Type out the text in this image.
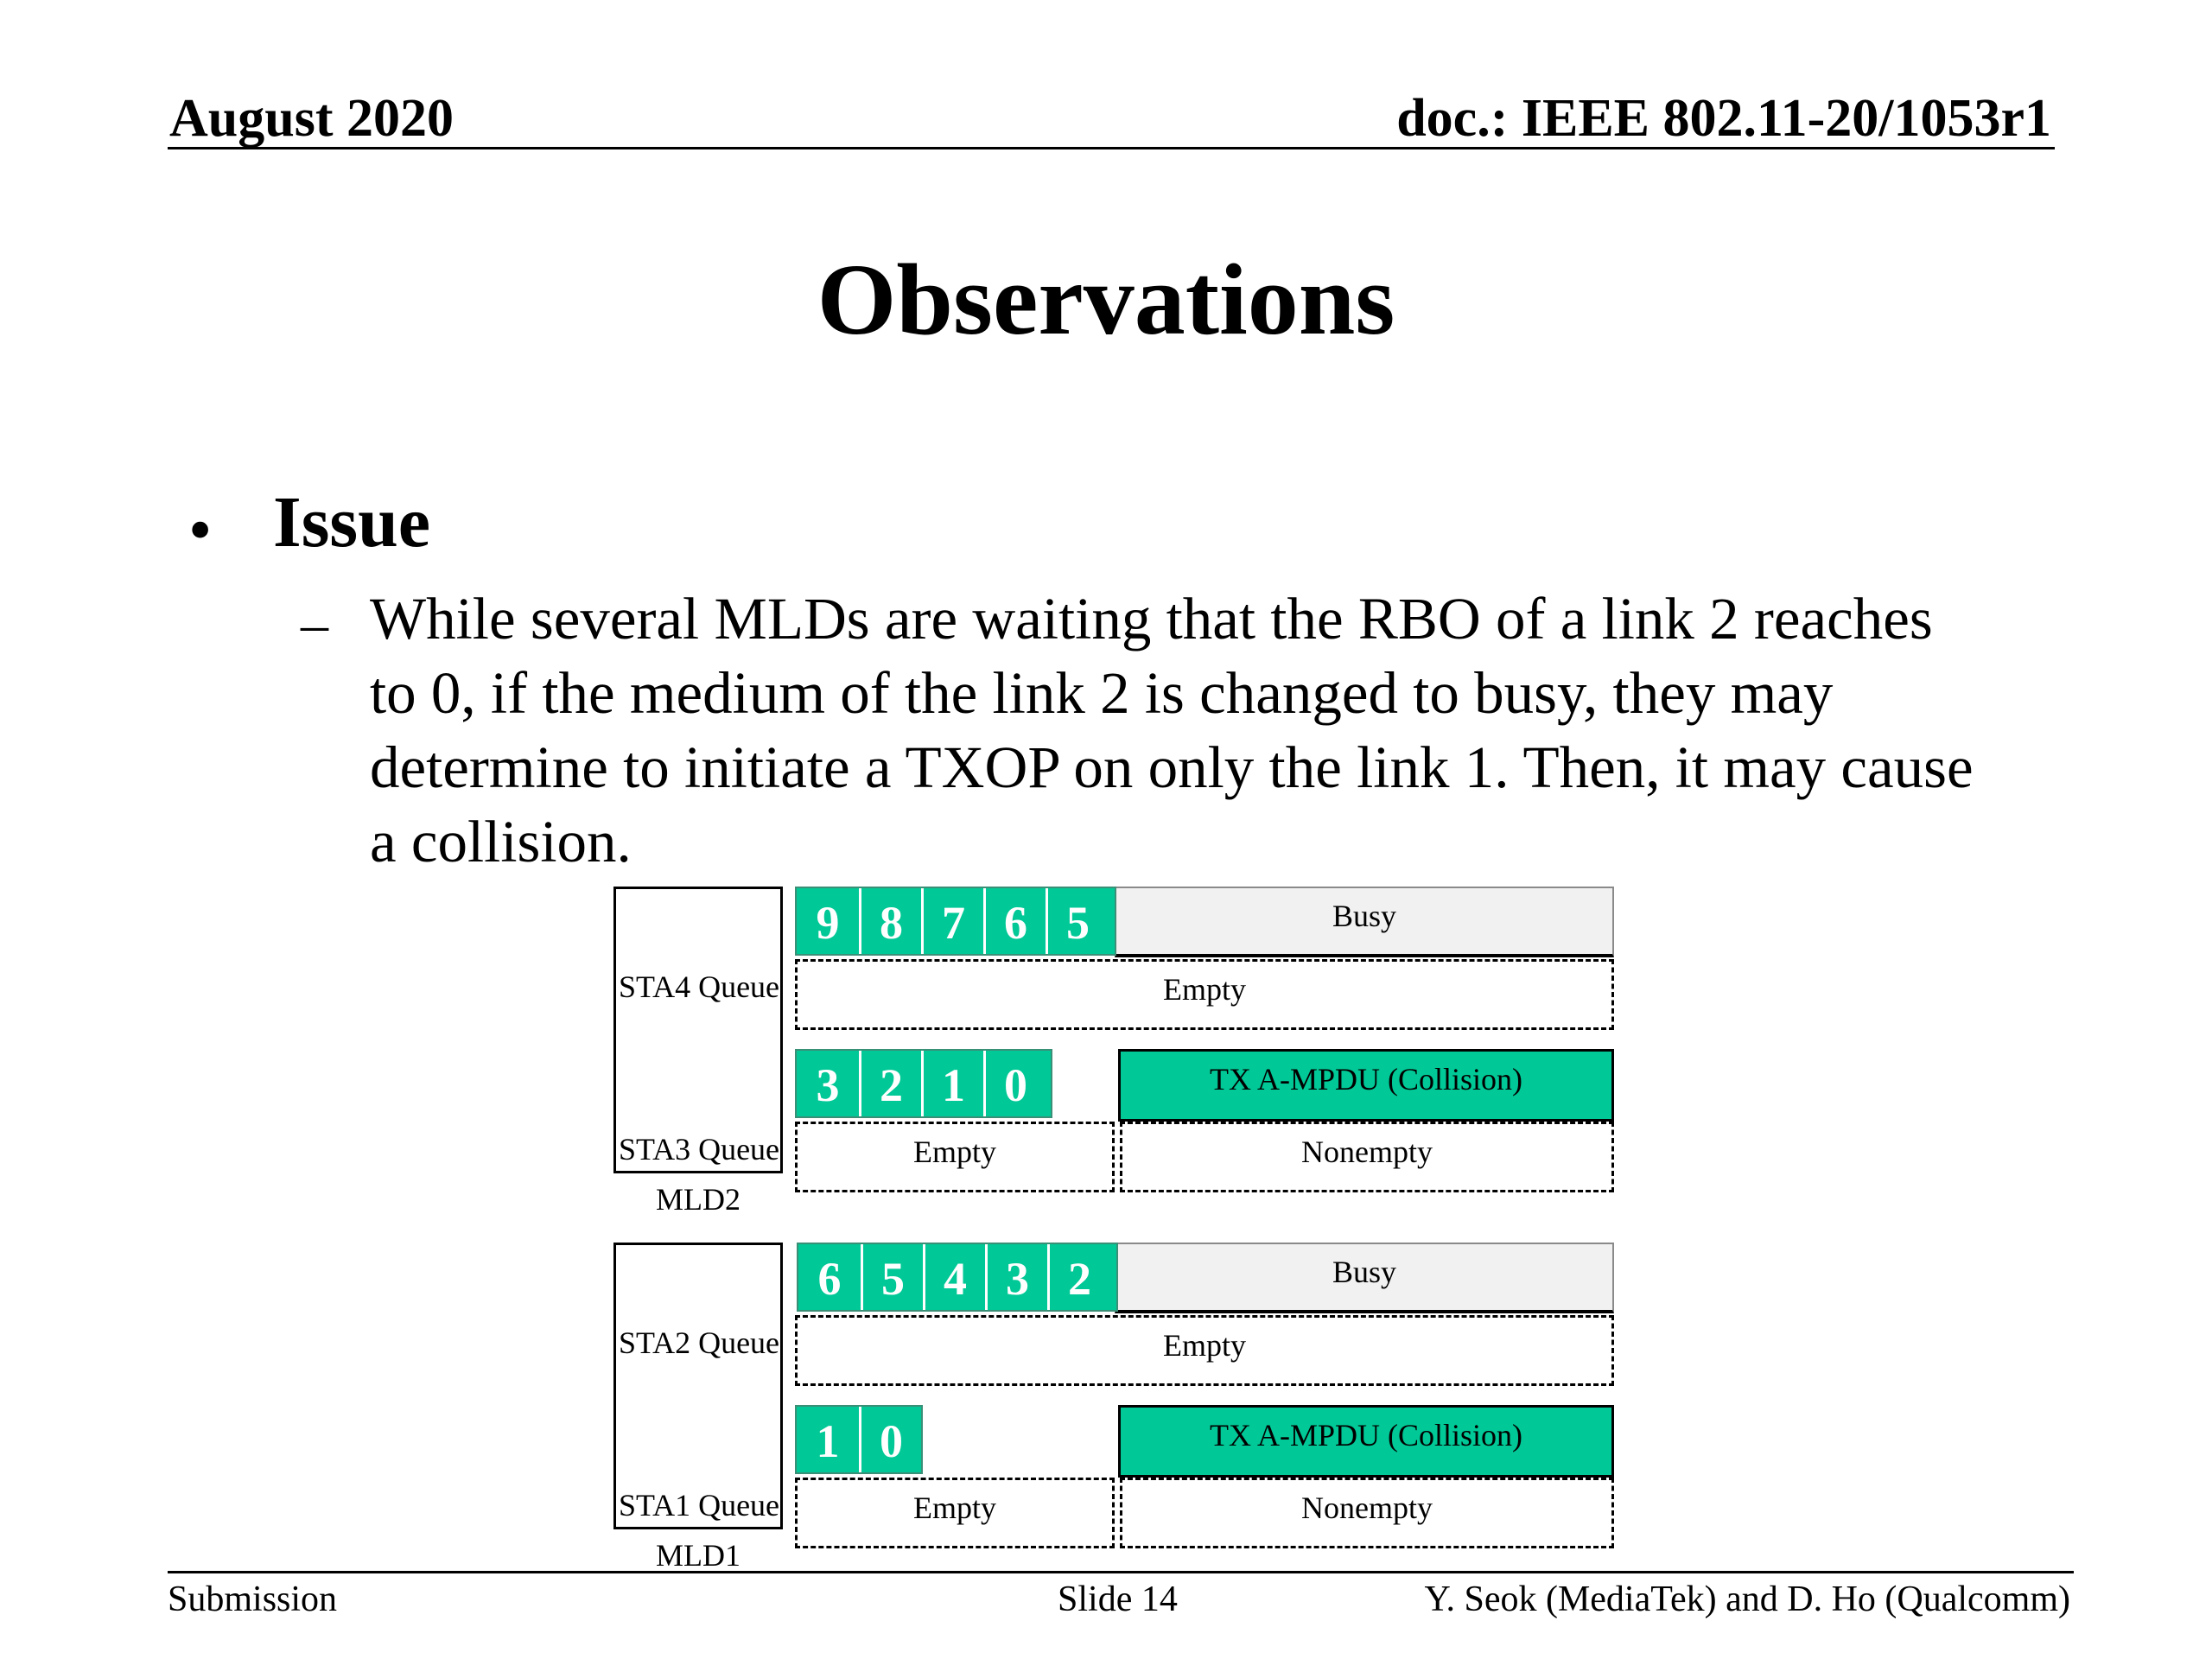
August 2020	doc.: IEEE 802.11-20/1053r1
Observations
• Issue
– While several MLDs are waiting that the RBO of a link 2 reaches
to 0, if the medium of the link 2 is changed to busy, they may
determine to initiate a TXOP on only the link 1. Then, it may cause
a collision.
STA4 Queue
STA3 Queue
MLD2
Busy
9 8 7 6 5
Empty
3 2 1 0	TX A-MPDU (Collision)
Empty	Nonempty
STA2 Queue
STA1 Queue
MLD1
Busy
6 5 4 3 2
Empty
1 0	TX A-MPDU (Collision)
Empty	Nonempty
Submission	Slide 14	Y. Seok (MediaTek) and D. Ho (Qualcomm)
